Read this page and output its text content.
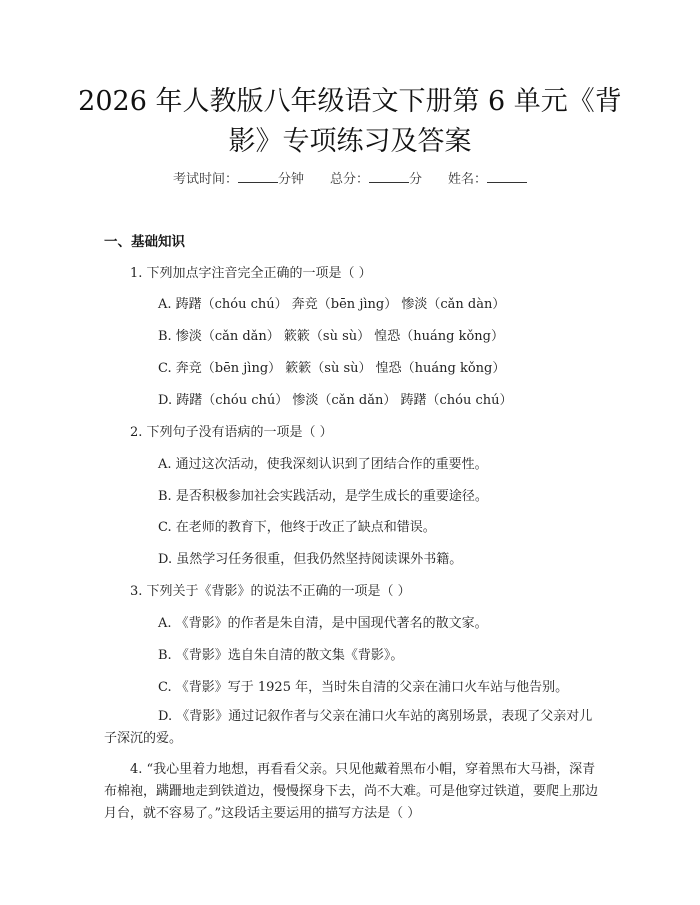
2026 年人教版八年级语文下册第 6 单元《背
影》专项练习及答案
考试时间：	分钟 总分：	分 姓名：
一、基础知识
1. 下列加点字注音完全正确的一项是（ ）
A. 踌躇（chóu chú） 奔竞（bēn jìng） 惨淡（cǎn dàn）
B. 惨淡（cǎn dǎn） 簌簌（sù sù） 惶恐（huáng kǒng）
C. 奔竞（bēn jìng） 簌簌（sù sù） 惶恐（huáng kǒng）
D. 踌躇（chóu chú） 惨淡（cǎn dǎn） 踌躇（chóu chú）
2. 下列句子没有语病的一项是（ ）
A. 通过这次活动，使我深刻认识到了团结合作的重要性。
B. 是否积极参加社会实践活动，是学生成长的重要途径。
C. 在老师的教育下，他终于改正了缺点和错误。
D. 虽然学习任务很重，但我仍然坚持阅读课外书籍。
3. 下列关于《背影》的说法不正确的一项是（ ）
A. 《背影》的作者是朱自清，是中国现代著名的散文家。
B. 《背影》选自朱自清的散文集《背影》。
C. 《背影》写于 1925 年，当时朱自清的父亲在浦口火车站与他告别。
D. 《背影》通过记叙作者与父亲在浦口火车站的离别场景，表现了父亲对儿子深沉的爱。
4. “我心里着力地想，再看看父亲。只见他戴着黑布小帽，穿着黑布大马褂，深青布棉袍，蹒跚地走到铁道边，慢慢探身下去，尚不大难。可是他穿过铁道，要爬上那边月台，就不容易了。”这段话主要运用的描写方法是（ ）
